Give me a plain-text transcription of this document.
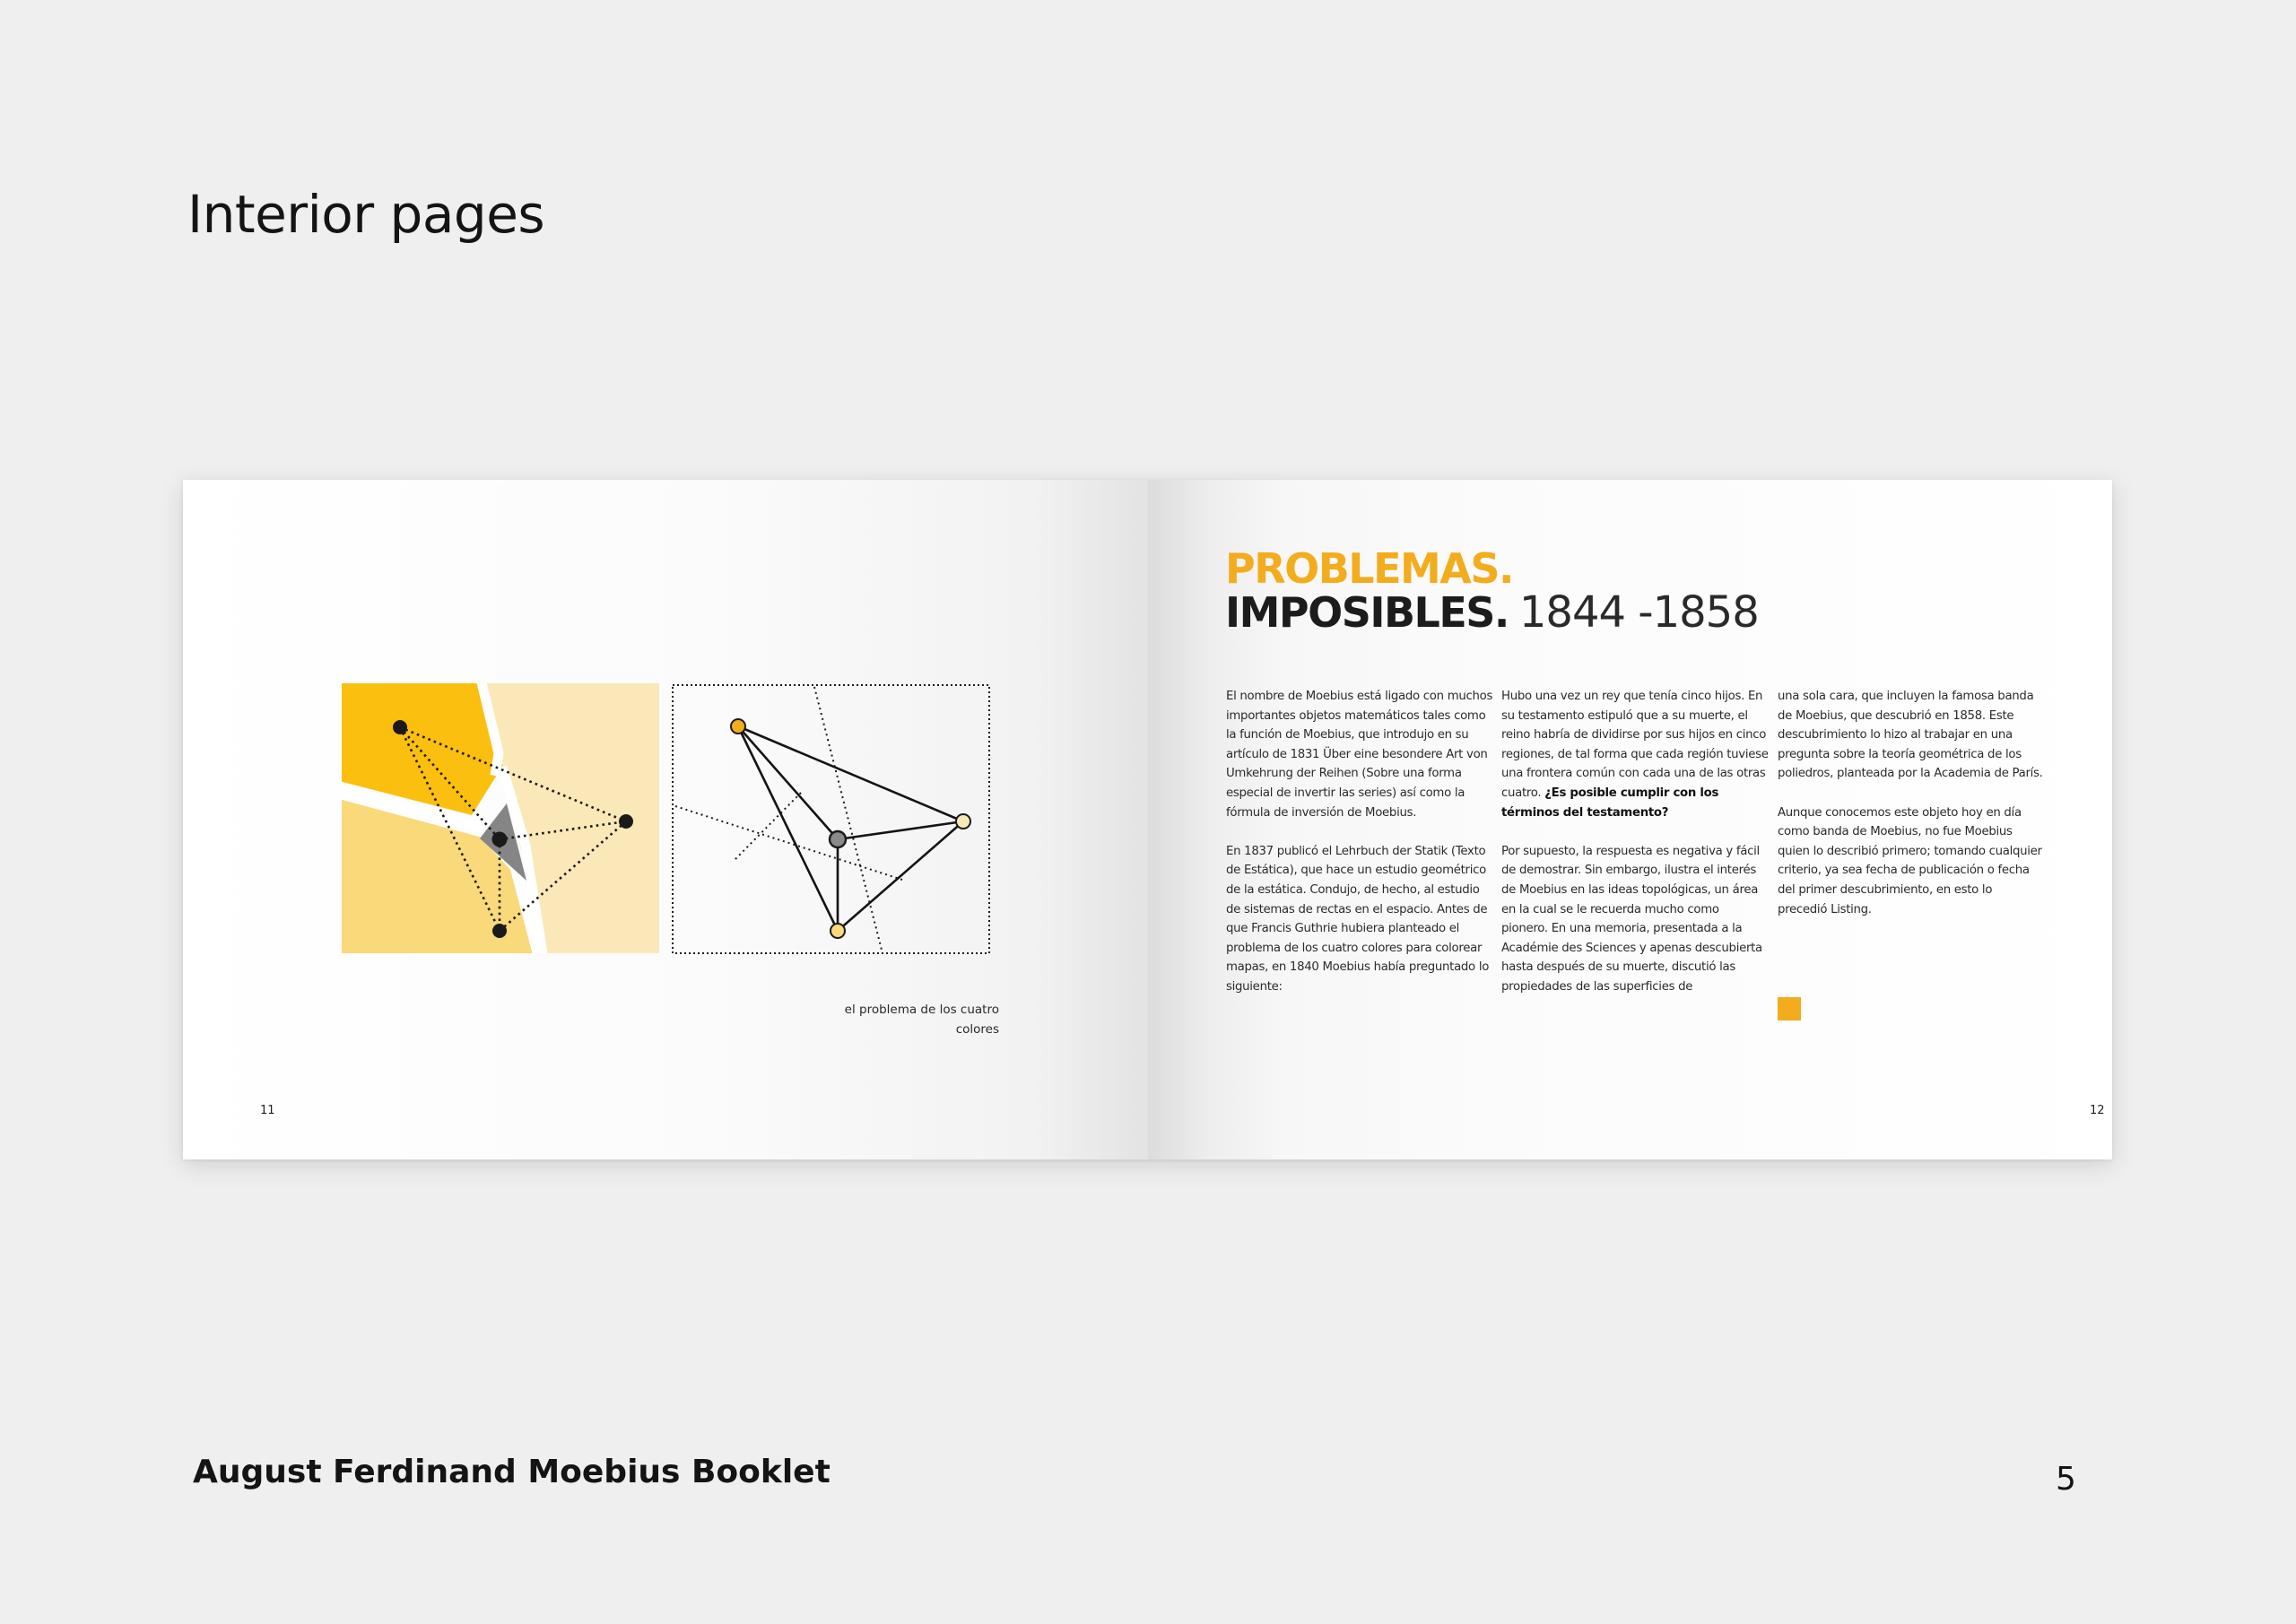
Interior pages

el problema de los cuatro colores

11	12
PROBLEMAS.
IMPOSIBLES. 1844 -1858

El nombre de Moebius está ligado con muchos importantes objetos matemáticos tales como la función de Moebius, que introdujo en su artículo de 1831 Über eine besondere Art von Umkehrung der Reihen (Sobre una forma especial de invertir las series) así como la fórmula de inversión de Moebius.

En 1837 publicó el Lehrbuch der Statik (Texto de Estática), que hace un estudio geométrico de la estática. Condujo, de hecho, al estudio de sistemas de rectas en el espacio. Antes de que Francis Guthrie hubiera planteado el problema de los cuatro colores para colorear mapas, en 1840 Moebius había preguntado lo siguiente:

Hubo una vez un rey que tenía cinco hijos. En su testamento estipuló que a su muerte, el reino habría de dividirse por sus hijos en cinco regiones, de tal forma que cada región tuviese una frontera común con cada una de las otras cuatro. ¿Es posible cumplir con los términos del testamento?

Por supuesto, la respuesta es negativa y fácil de demostrar. Sin embargo, ilustra el interés de Moebius en las ideas topológicas, un área en la cual se le recuerda mucho como pionero. En una memoria, presentada a la Académie des Sciences y apenas descubierta hasta después de su muerte, discutió las propiedades de las superficies de

una sola cara, que incluyen la famosa banda de Moebius, que descubrió en 1858. Este descubrimiento lo hizo al trabajar en una pregunta sobre la teoría geométrica de los poliedros, planteada por la Academia de París.

Aunque conocemos este objeto hoy en día como banda de Moebius, no fue Moebius quien lo describió primero; tomando cualquier criterio, ya sea fecha de publicación o fecha del primer descubrimiento, en esto lo precedió Listing.

August Ferdinand Moebius Booklet	5
